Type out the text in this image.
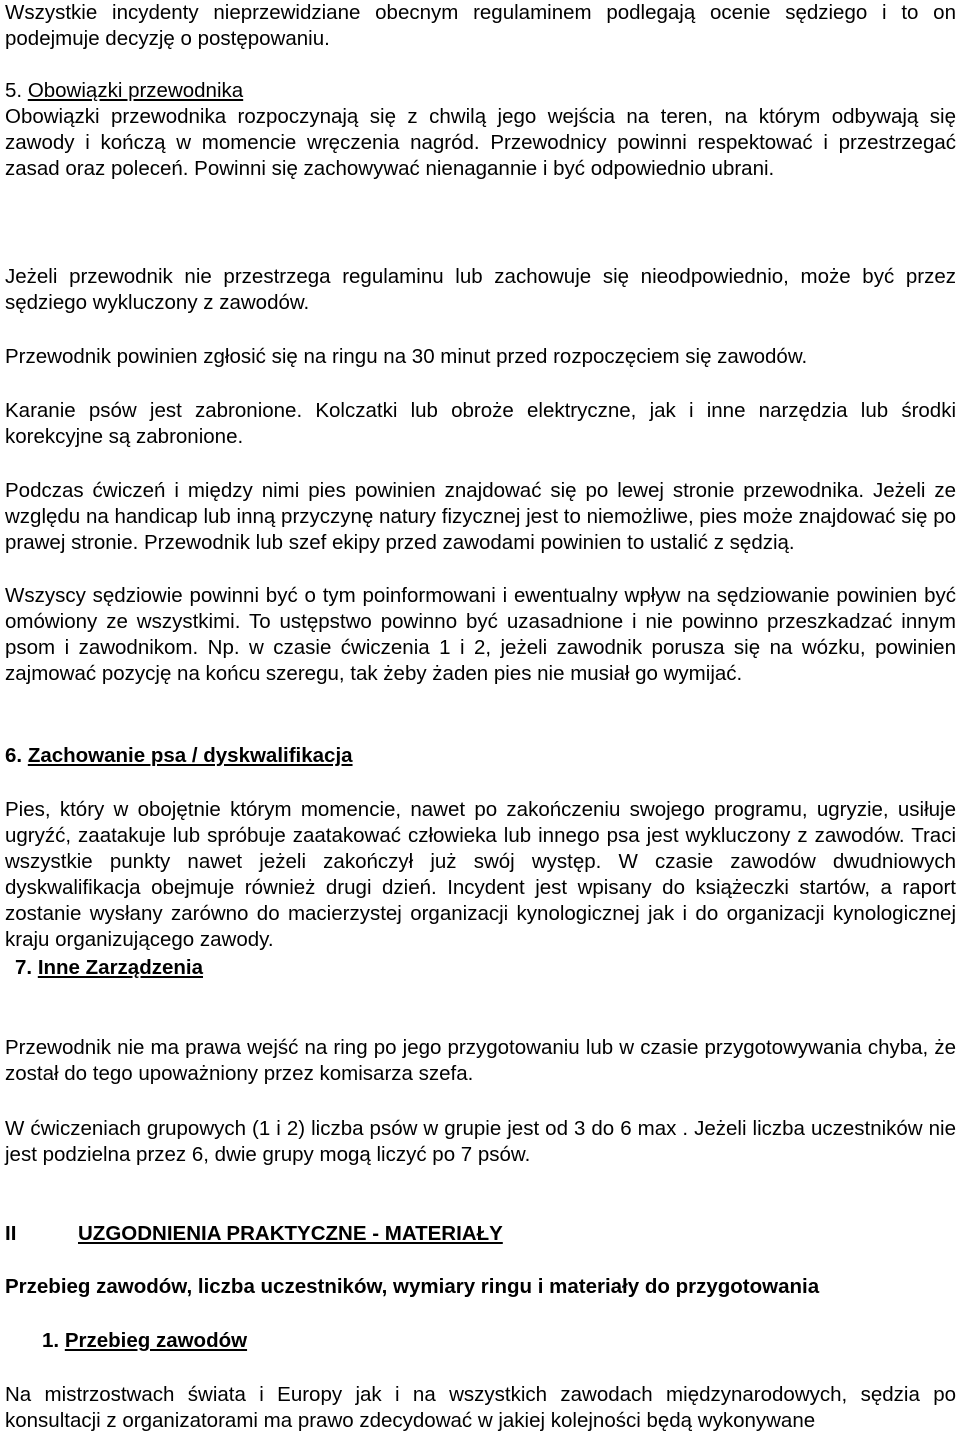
Wszystkie incydenty nieprzewidziane obecnym regulaminem podlegają ocenie sędziego i to on podejmuje decyzję o postępowaniu.

5. Obowiązki przewodnika

Obowiązki przewodnika rozpoczynają się z chwilą jego wejścia na teren, na którym odbywają się zawody i kończą w momencie wręczenia nagród. Przewodnicy powinni respektować i przestrzegać zasad oraz poleceń. Powinni się zachowywać nienagannie i być odpowiednio ubrani.

Jeżeli przewodnik nie przestrzega regulaminu lub zachowuje się nieodpowiednio, może być przez sędziego wykluczony z zawodów.

Przewodnik powinien zgłosić się na ringu na 30 minut przed rozpoczęciem się zawodów.

Karanie psów jest zabronione. Kolczatki lub obroże elektryczne, jak i inne narzędzia lub środki korekcyjne są zabronione.

Podczas ćwiczeń i między nimi pies powinien znajdować się po lewej stronie przewodnika. Jeżeli ze względu na handicap lub inną przyczynę natury fizycznej jest to niemożliwe, pies może znajdować się po prawej stronie. Przewodnik lub szef ekipy przed zawodami powinien to ustalić z sędzią.

Wszyscy sędziowie powinni być o tym poinformowani i ewentualny wpływ na sędziowanie powinien być omówiony ze wszystkimi. To ustępstwo powinno być uzasadnione i nie powinno przeszkadzać innym psom i zawodnikom. Np. w czasie ćwiczenia 1 i 2, jeżeli zawodnik porusza się na wózku, powinien zajmować pozycję na końcu szeregu, tak żeby żaden pies nie musiał go wymijać.

6. Zachowanie psa / dyskwalifikacja

Pies, który w obojętnie którym momencie, nawet po zakończeniu swojego programu, ugryzie, usiłuje ugryźć, zaatakuje lub spróbuje zaatakować człowieka lub innego psa jest wykluczony z zawodów. Traci wszystkie punkty nawet jeżeli zakończył już swój występ. W czasie zawodów dwudniowych dyskwalifikacja obejmuje również drugi dzień. Incydent jest wpisany do książeczki startów, a raport zostanie wysłany zarówno do macierzystej organizacji kynologicznej jak i do organizacji kynologicznej kraju organizującego zawody.

7. Inne Zarządzenia

Przewodnik nie ma prawa wejść na ring po jego przygotowaniu lub w czasie przygotowywania chyba, że został do tego upoważniony przez komisarza szefa.

W ćwiczeniach grupowych (1 i 2) liczba psów w grupie jest od 3 do 6 max . Jeżeli liczba uczestników nie jest podzielna przez 6, dwie grupy mogą liczyć po 7 psów.

II	UZGODNIENIA PRAKTYCZNE - MATERIAŁY

Przebieg zawodów, liczba uczestników, wymiary ringu i materiały do przygotowania

1. Przebieg zawodów

Na mistrzostwach świata i Europy jak i na wszystkich zawodach międzynarodowych, sędzia po konsultacji z organizatorami ma prawo zdecydować w jakiej kolejności będą wykonywane
